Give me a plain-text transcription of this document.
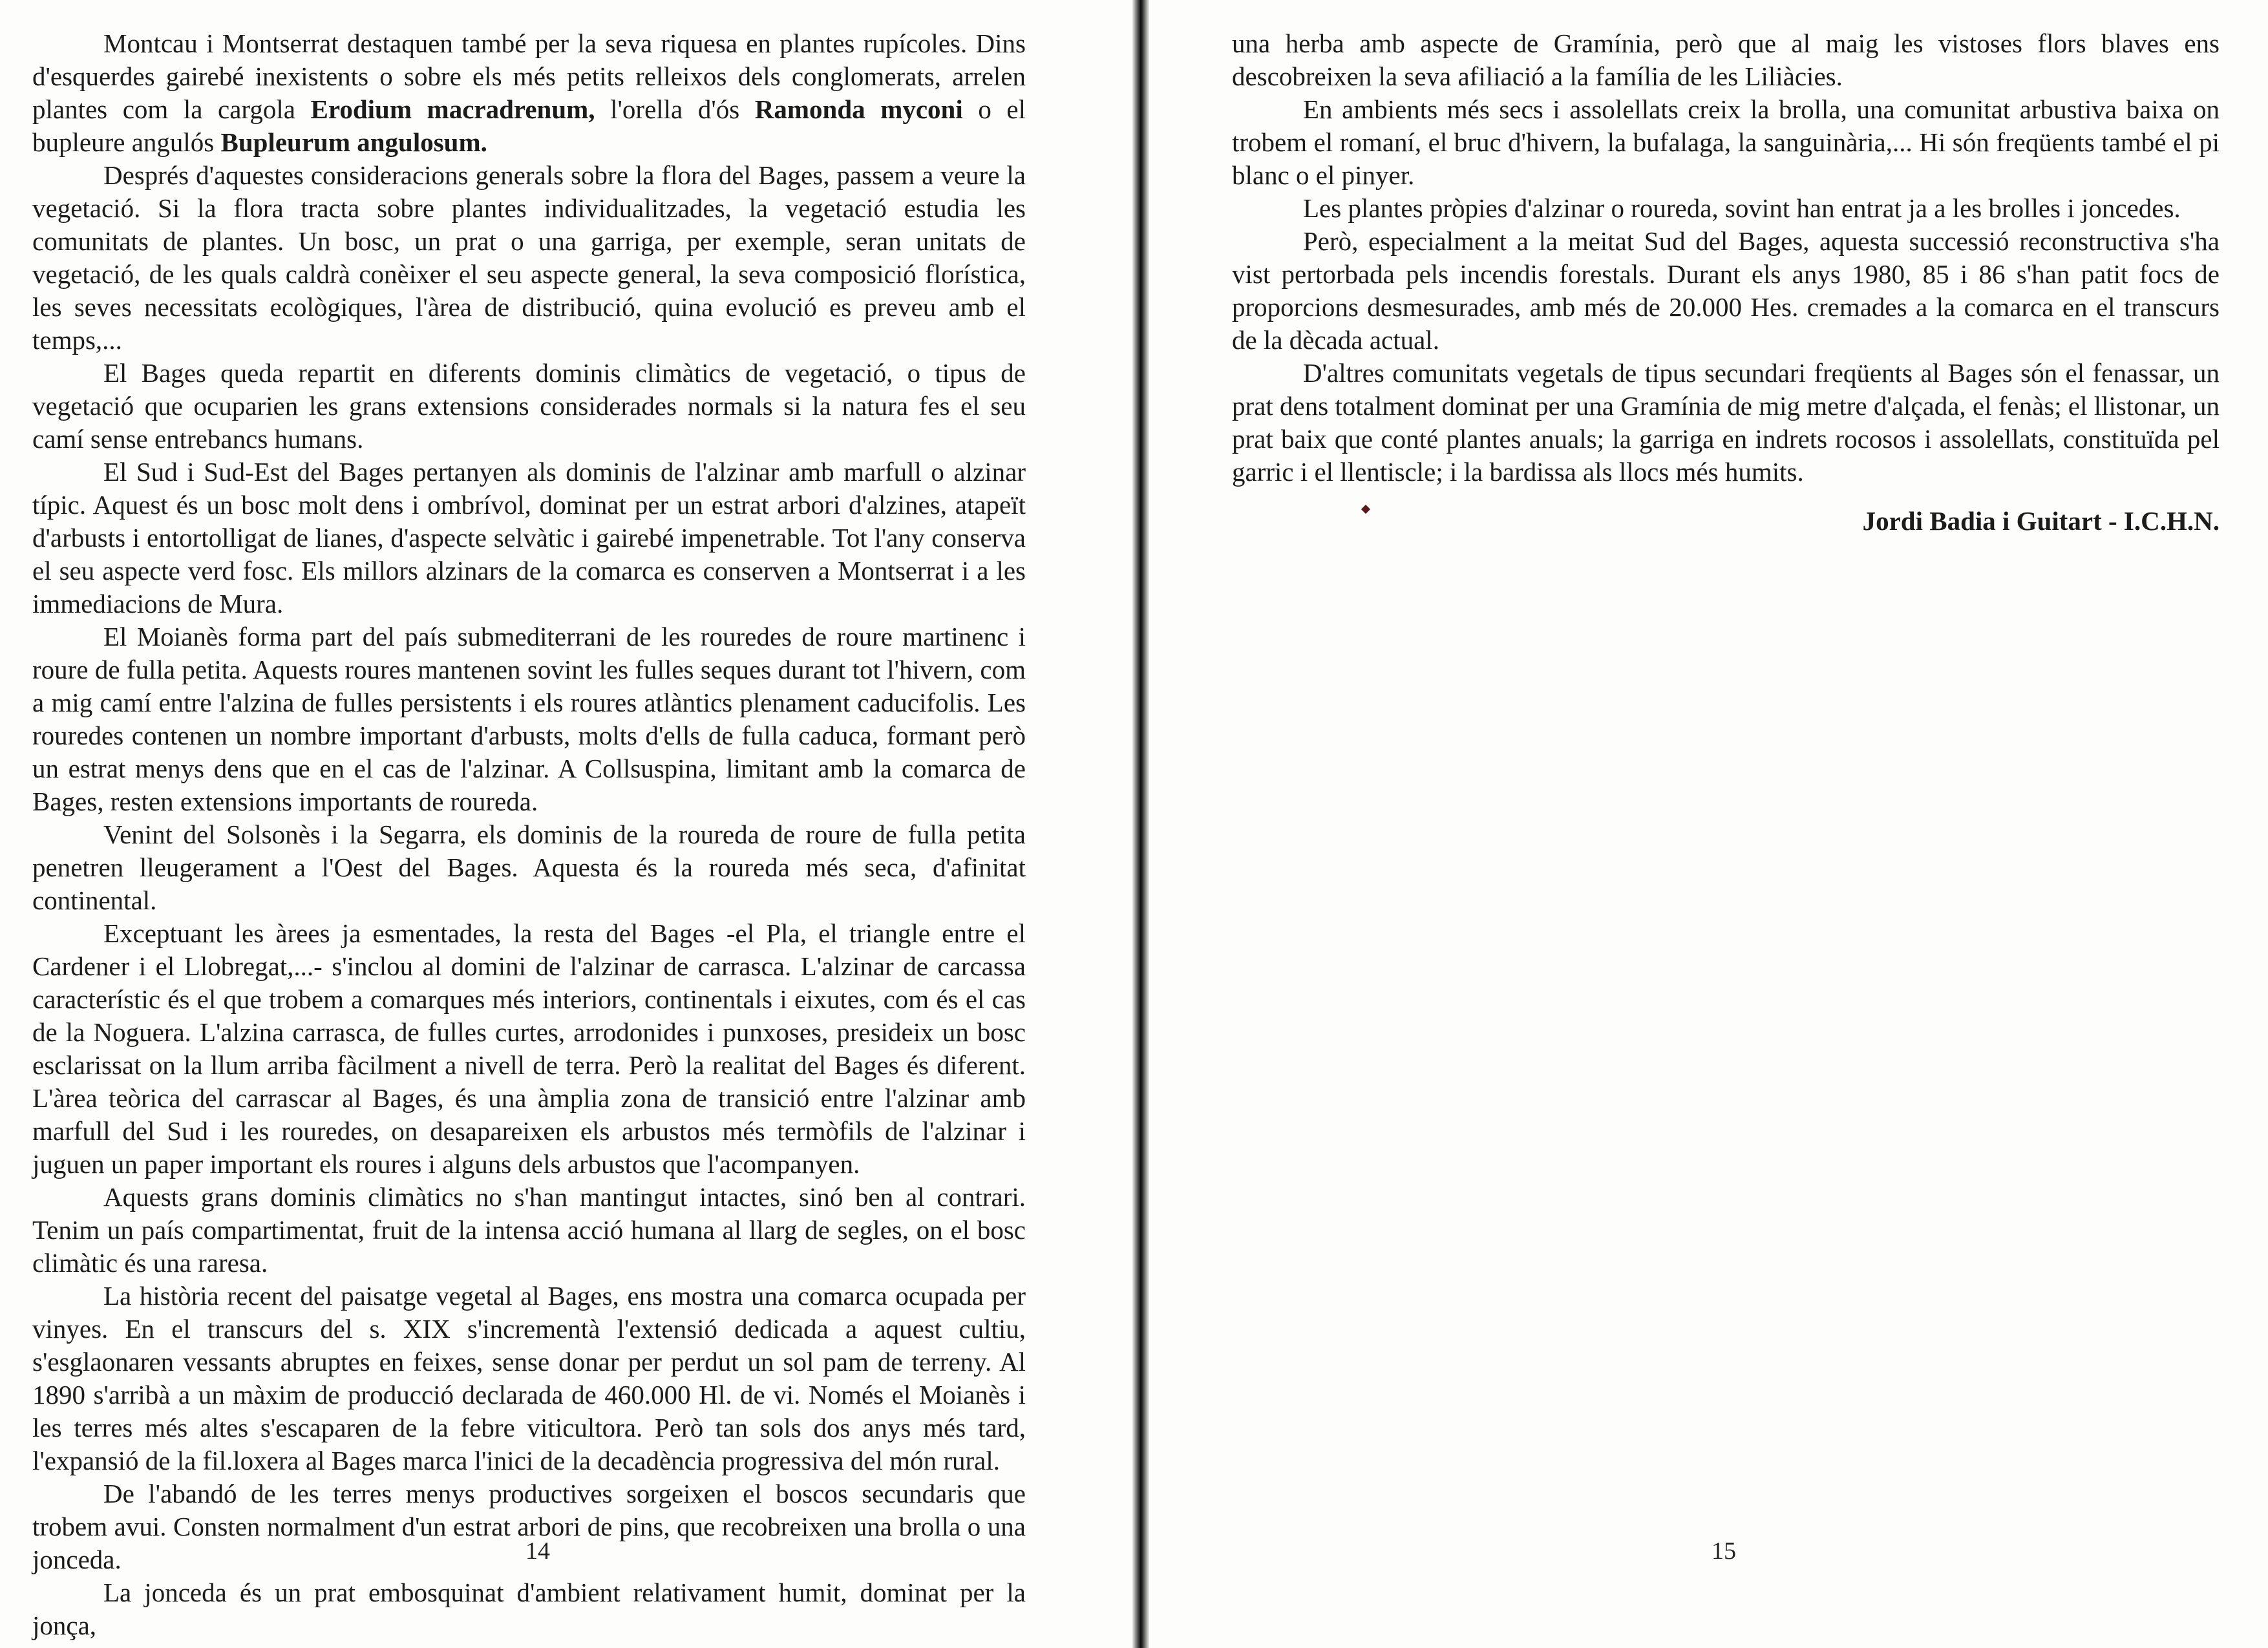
Montcau i Montserrat destaquen també per la seva riquesa en plantes rupícoles. Dins d'esquerdes gairebé inexistents o sobre els més petits relleixos dels conglomerats, arrelen plantes com la cargola Erodium macradrenum, l'orella d'ós Ramonda myconi o el bupleure angulós Bupleurum angulosum.

Després d'aquestes consideracions generals sobre la flora del Bages, passem a veure la vegetació. Si la flora tracta sobre plantes individualitzades, la vegetació estudia les comunitats de plantes. Un bosc, un prat o una garriga, per exemple, seran unitats de vegetació, de les quals caldrà conèixer el seu aspecte general, la seva composició florística, les seves necessitats ecològiques, l'àrea de distribució, quina evolució es preveu amb el temps,...

El Bages queda repartit en diferents dominis climàtics de vegetació, o tipus de vegetació que ocuparien les grans extensions considerades normals si la natura fes el seu camí sense entrebancs humans.

El Sud i Sud-Est del Bages pertanyen als dominis de l'alzinar amb marfull o alzinar típic. Aquest és un bosc molt dens i ombrívol, dominat per un estrat arbori d'alzines, atapeït d'arbusts i entortolligat de lianes, d'aspecte selvàtic i gairebé impenetrable. Tot l'any conserva el seu aspecte verd fosc. Els millors alzinars de la comarca es conserven a Montserrat i a les immediacions de Mura.

El Moianès forma part del país submediterrani de les rouredes de roure martinenc i roure de fulla petita. Aquests roures mantenen sovint les fulles seques durant tot l'hivern, com a mig camí entre l'alzina de fulles persistents i els roures atlàntics plenament caducifolis. Les rouredes contenen un nombre important d'arbusts, molts d'ells de fulla caduca, formant però un estrat menys dens que en el cas de l'alzinar. A Collsuspina, limitant amb la comarca de Bages, resten extensions importants de roureda.

Venint del Solsonès i la Segarra, els dominis de la roureda de roure de fulla petita penetren lleugerament a l'Oest del Bages. Aquesta és la roureda més seca, d'afinitat continental.

Exceptuant les àrees ja esmentades, la resta del Bages -el Pla, el triangle entre el Cardener i el Llobregat,...- s'inclou al domini de l'alzinar de carrasca. L'alzinar de carcassa característic és el que trobem a comarques més interiors, continentals i eixutes, com és el cas de la Noguera. L'alzina carrasca, de fulles curtes, arrodonides i punxoses, presideix un bosc esclarissat on la llum arriba fàcilment a nivell de terra. Però la realitat del Bages és diferent. L'àrea teòrica del carrascar al Bages, és una àmplia zona de transició entre l'alzinar amb marfull del Sud i les rouredes, on desapareixen els arbustos més termòfils de l'alzinar i juguen un paper important els roures i alguns dels arbustos que l'acompanyen.

Aquests grans dominis climàtics no s'han mantingut intactes, sinó ben al contrari. Tenim un país compartimentat, fruit de la intensa acció humana al llarg de segles, on el bosc climàtic és una raresa.

La història recent del paisatge vegetal al Bages, ens mostra una comarca ocupada per vinyes. En el transcurs del s. XIX s'incrementà l'extensió dedicada a aquest cultiu, s'esglaonaren vessants abruptes en feixes, sense donar per perdut un sol pam de terreny. Al 1890 s'arribà a un màxim de producció declarada de 460.000 Hl. de vi. Només el Moianès i les terres més altes s'escaparen de la febre viticultora. Però tan sols dos anys més tard, l'expansió de la fil.loxera al Bages marca l'inici de la decadència progressiva del món rural.

De l'abandó de les terres menys productives sorgeixen el boscos secundaris que trobem avui. Consten normalment d'un estrat arbori de pins, que recobreixen una brolla o una jonceda.

La jonceda és un prat embosquinat d'ambient relativament humit, dominat per la jonça,

14

una herba amb aspecte de Gramínia, però que al maig les vistoses flors blaves ens descobreixen la seva afiliació a la família de les Liliàcies.

En ambients més secs i assolellats creix la brolla, una comunitat arbustiva baixa on trobem el romaní, el bruc d'hivern, la bufalaga, la sanguinària,... Hi són freqüents també el pi blanc o el pinyer.

Les plantes pròpies d'alzinar o roureda, sovint han entrat ja a les brolles i joncedes.

Però, especialment a la meitat Sud del Bages, aquesta successió reconstructiva s'ha vist pertorbada pels incendis forestals. Durant els anys 1980, 85 i 86 s'han patit focs de proporcions desmesurades, amb més de 20.000 Hes. cremades a la comarca en el transcurs de la dècada actual.

D'altres comunitats vegetals de tipus secundari freqüents al Bages són el fenassar, un prat dens totalment dominat per una Gramínia de mig metre d'alçada, el fenàs; el llistonar, un prat baix que conté plantes anuals; la garriga en indrets rocosos i assolellats, constituïda pel garric i el llentiscle; i la bardissa als llocs més humits.

Jordi Badia i Guitart - I.C.H.N.
15
